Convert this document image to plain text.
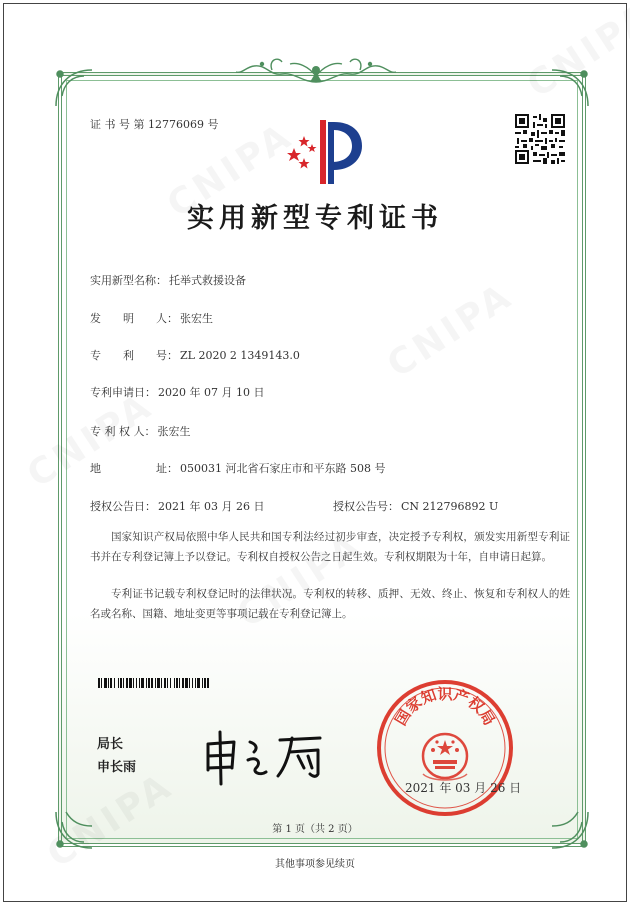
证 书 号 第 12776069 号
实用新型专利证书
实用新型名称： 托举式救援设备
发　　明　　人： 张宏生
专　　利　　号： ZL 2020 2 1349143.0
专利申请日： 2020 年 07 月 10 日
专 利 权 人： 张宏生
地　　　　　址： 050031 河北省石家庄市和平东路 508 号
授权公告日： 2021 年 03 月 26 日	授权公告号： CN 212796892 U
国家知识产权局依照中华人民共和国专利法经过初步审查，决定授予专利权，颁发实用新型专利证书并在专利登记簿上予以登记。专利权自授权公告之日起生效。专利权期限为十年，自申请日起算。
专利证书记载专利权登记时的法律状况。专利权的转移、质押、无效、终止、恢复和专利权人的姓名或名称、国籍、地址变更等事项记载在专利登记簿上。
局长
申长雨
国家知识产权局
2021 年 03 月 26 日
第 1 页（共 2 页）
其他事项参见续页
